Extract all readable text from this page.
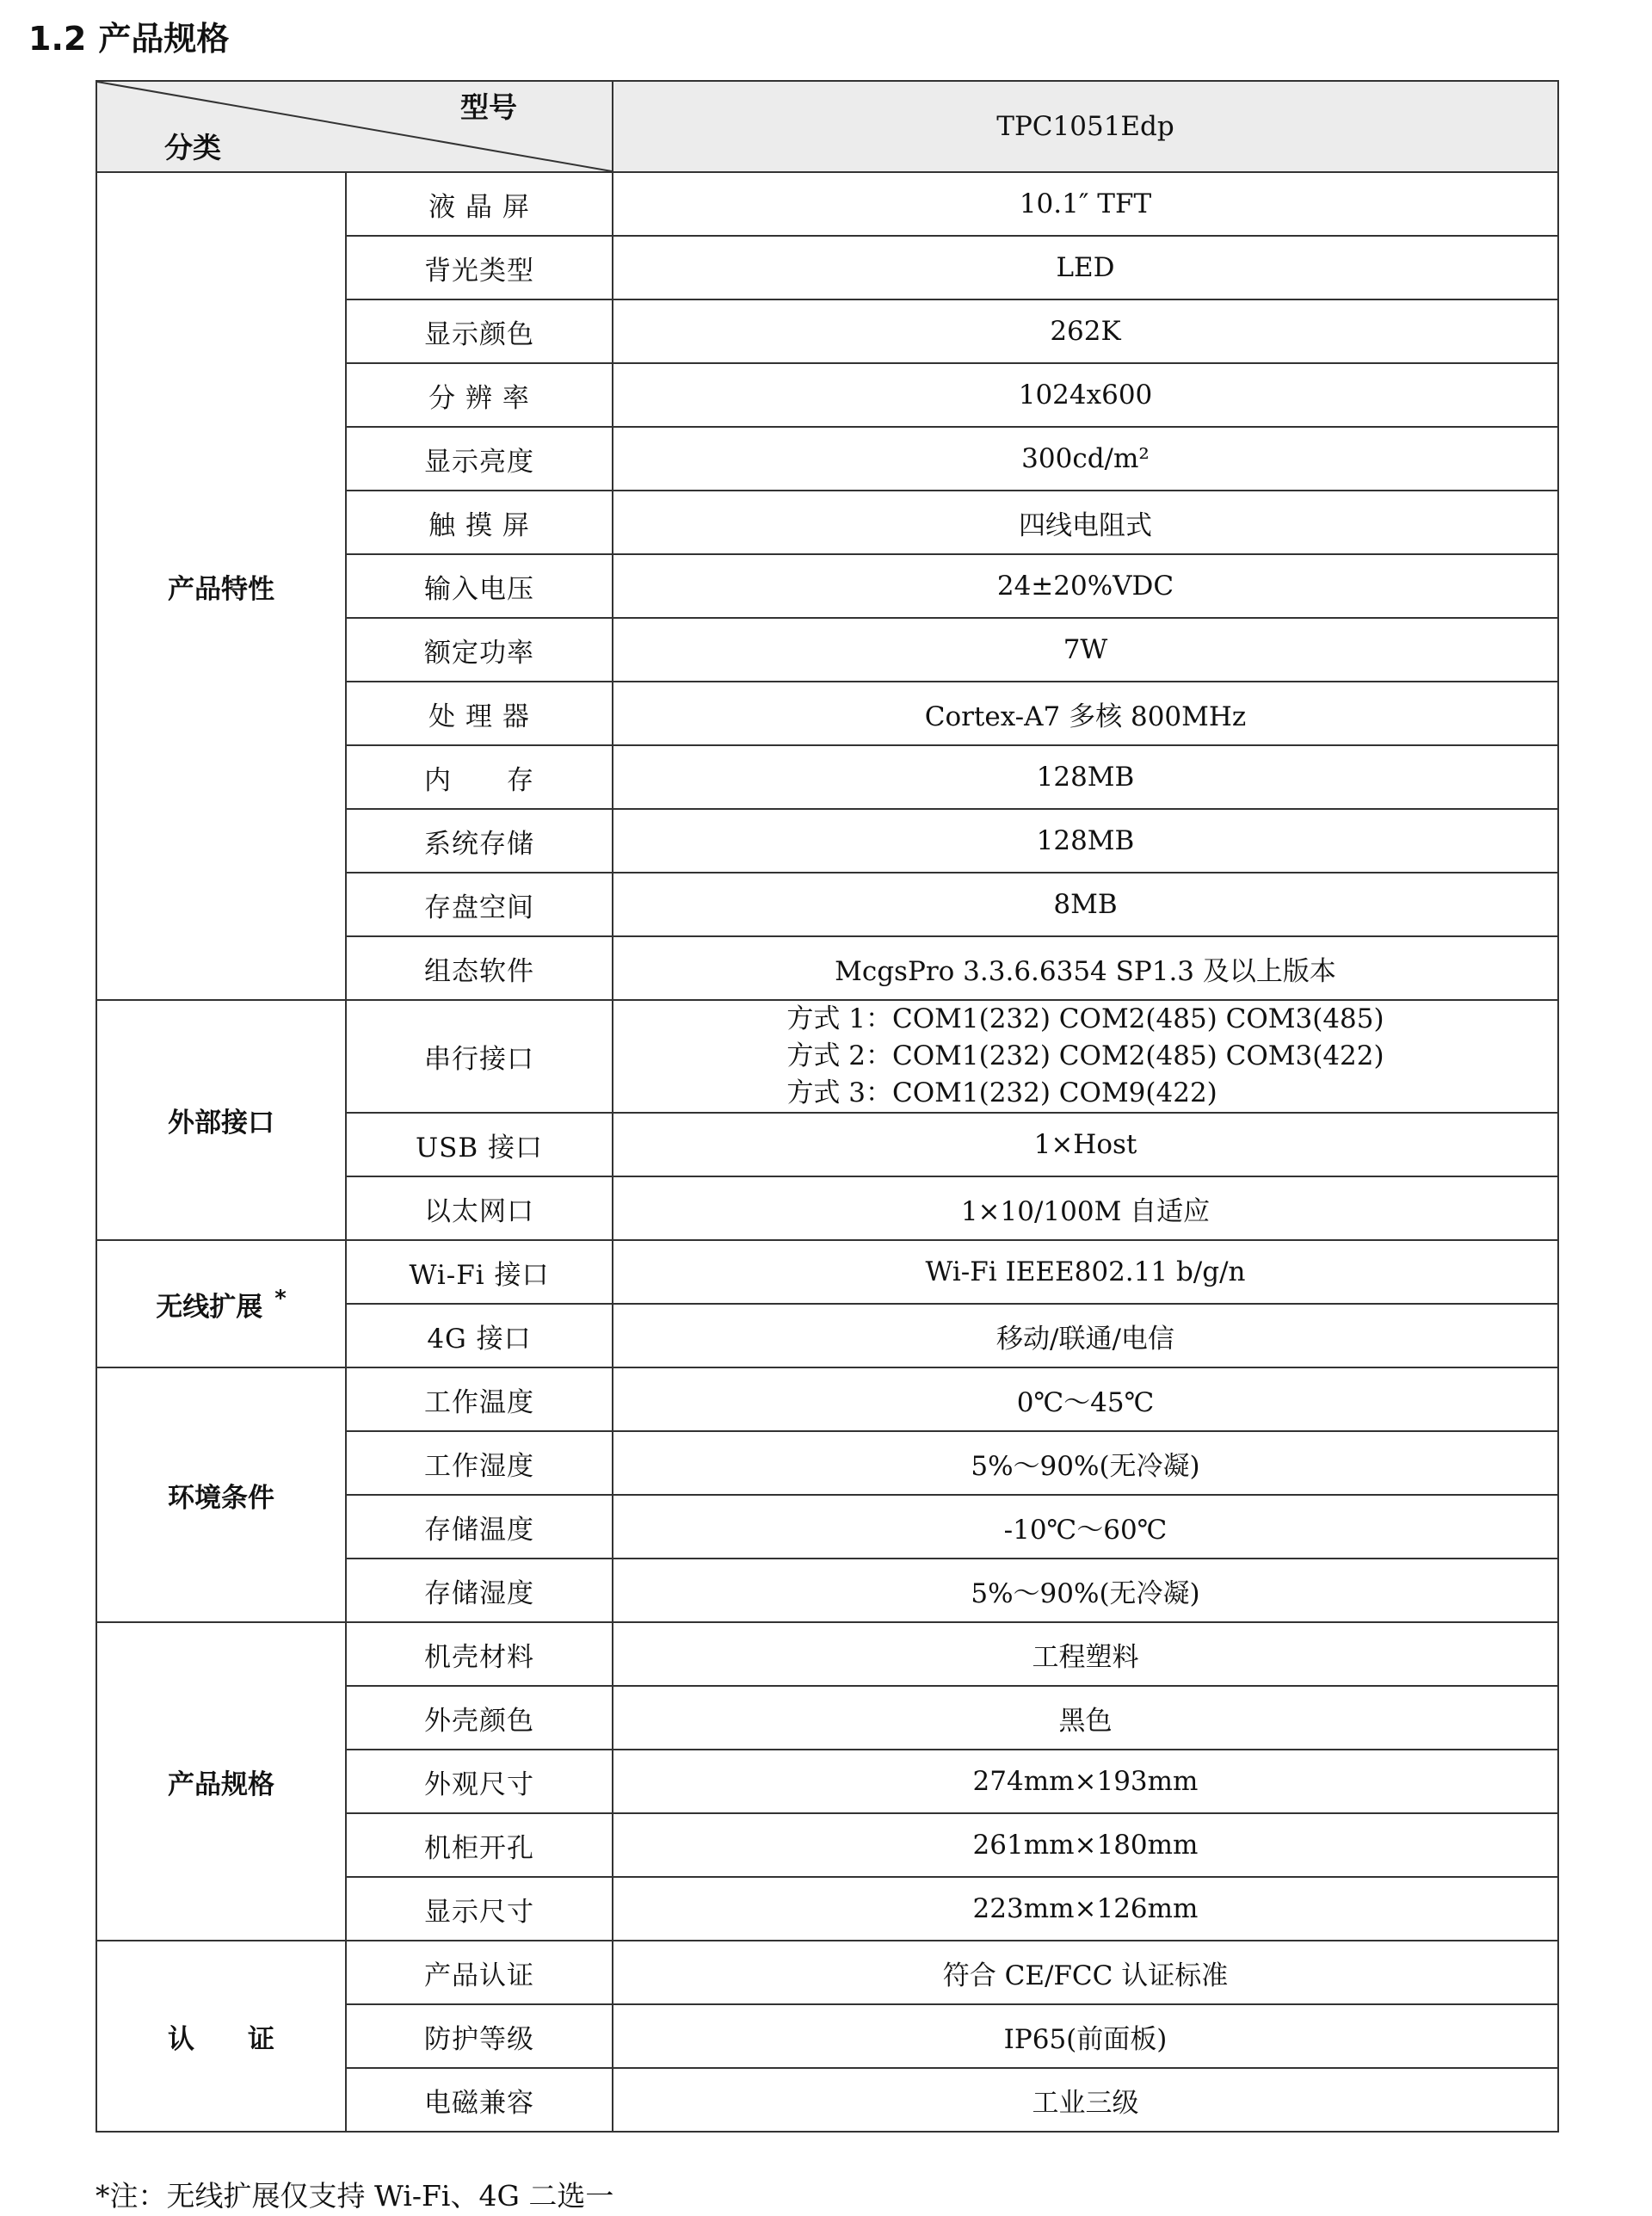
1.2 产品规格
型号
分类		TPC1051Edp
产品特性	液 晶 屏	10.1″ TFT
	背光类型	LED
	显示颜色	262K
	分 辨 率	1024x600
	显示亮度	300cd/m²
	触 摸 屏	四线电阻式
	输入电压	24±20%VDC
	额定功率	7W
	处 理 器	Cortex-A7 多核 800MHz
	内　　存	128MB
	系统存储	128MB
	存盘空间	8MB
	组态软件	McgsPro 3.3.6.6354 SP1.3 及以上版本
外部接口	串行接口	方式 1：COM1(232) COM2(485) COM3(485)
方式 2：COM1(232) COM2(485) COM3(422)
方式 3：COM1(232) COM9(422)

	USB 接口	1×Host
	以太网口	1×10/100M 自适应
无线扩展 *	Wi-Fi 接口	Wi-Fi IEEE802.11 b/g/n
	4G 接口	移动/联通/电信
环境条件	工作温度	0℃～45℃
	工作湿度	5%～90%(无冷凝)
	存储温度	-10℃～60℃
	存储湿度	5%～90%(无冷凝)
产品规格	机壳材料	工程塑料
	外壳颜色	黑色
	外观尺寸	274mm×193mm
	机柜开孔	261mm×180mm
	显示尺寸	223mm×126mm
认　　证	产品认证	符合 CE/FCC 认证标准
	防护等级	IP65(前面板)
	电磁兼容	工业三级
*注：无线扩展仅支持 Wi-Fi、4G 二选一
